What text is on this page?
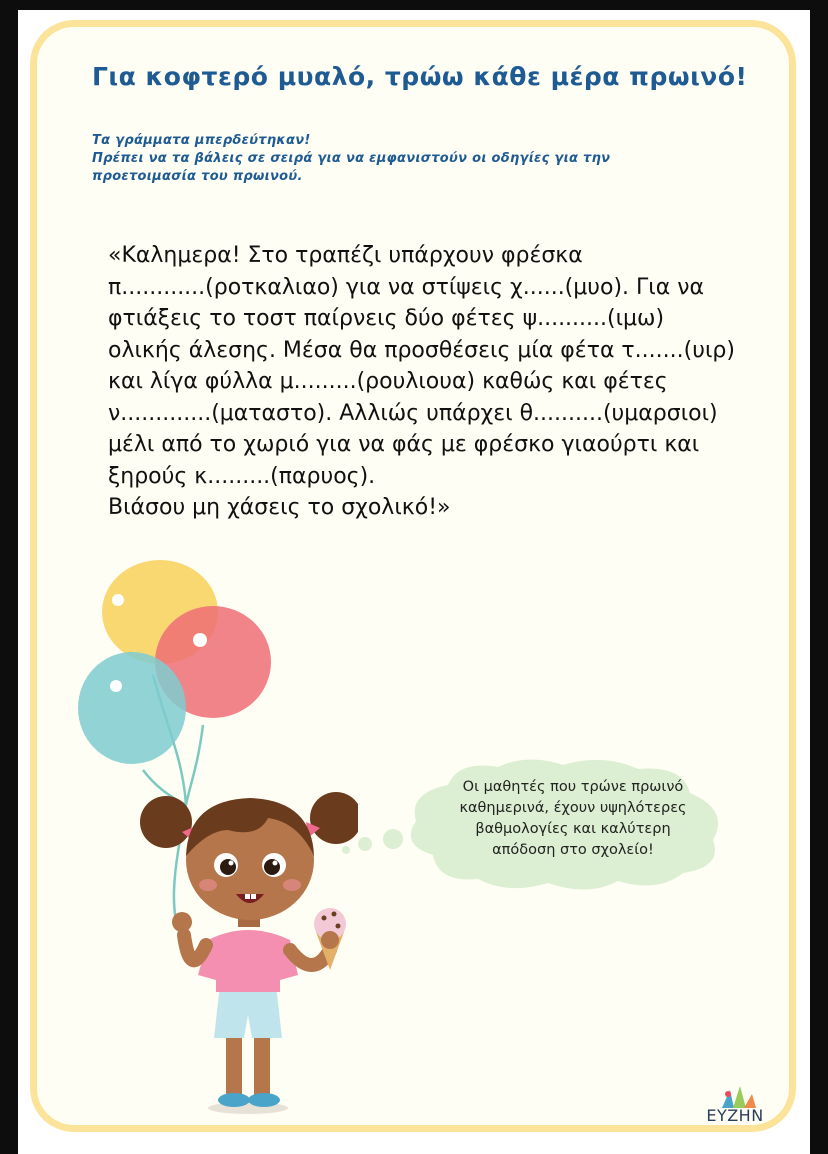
Για κοφτερό μυαλό, τρώω κάθε μέρα πρωινό!
Τα γράμματα μπερδεύτηκαν!
Πρέπει να τα βάλεις σε σειρά για να εμφανιστούν οι οδηγίες για την
προετοιμασία του πρωινού.
«Καλημερα! Στο τραπέζι υπάρχουν φρέσκα
π............(ροτκαλιαο) για να στίψεις χ......(μυο). Για να
φτιάξεις το τοστ παίρνεις δύο φέτες ψ..........(ιμω)
ολικής άλεσης. Μέσα θα προσθέσεις μία φέτα τ.......(υιρ)
και λίγα φύλλα μ.........(ρουλιουα) καθώς και φέτες
ν.............(ματαστο). Αλλιώς υπάρχει θ..........(υμαρσιοι)
μέλι από το χωριό για να φάς με φρέσκο γιαούρτι και
ξηρούς κ.........(παρυος).
Βιάσου μη χάσεις το σχολικό!»
Οι μαθητές που τρώνε πρωινό
καθημερινά, έχουν υψηλότερες
βαθμολογίες και καλύτερη
απόδοση στο σχολείο!
ΕΥΖΗΝ
